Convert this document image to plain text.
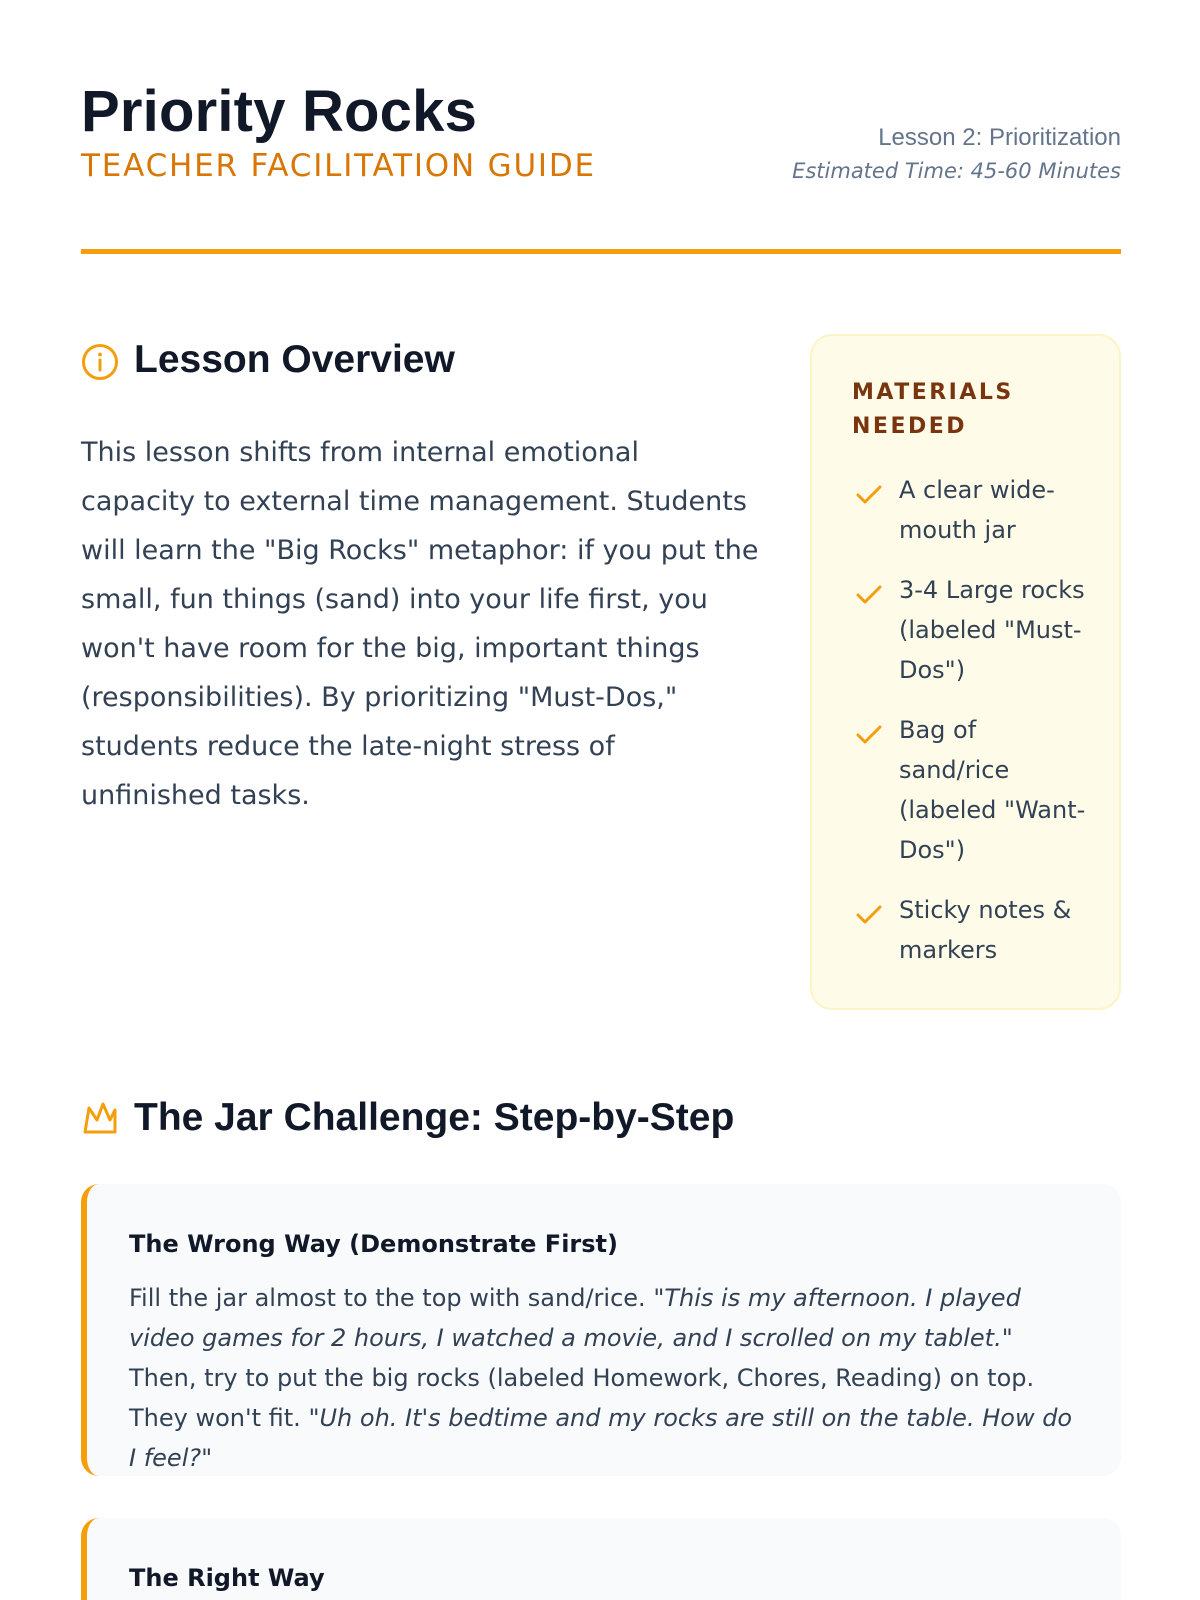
Priority Rocks
TEACHER FACILITATION GUIDE
Lesson 2: Prioritization
Estimated Time: 45-60 Minutes
Lesson Overview

This lesson shifts from internal emotional capacity to external time management. Students will learn the "Big Rocks" metaphor: if you put the small, fun things (sand) into your life first, you won't have room for the big, important things (responsibilities). By prioritizing "Must-Dos," students reduce the late-night stress of unfinished tasks.

MATERIALS NEEDED
A clear wide-mouth jar
3-4 Large rocks (labeled "Must-Dos")
Bag of sand/rice (labeled "Want-Dos")
Sticky notes & markers
The Jar Challenge: Step-by-Step
The Wrong Way (Demonstrate First)

Fill the jar almost to the top with sand/rice. "This is my afternoon. I played video games for 2 hours, I watched a movie, and I scrolled on my tablet." Then, try to put the big rocks (labeled Homework, Chores, Reading) on top. They won't fit. "Uh oh. It's bedtime and my rocks are still on the table. How do I feel?"

The Right Way
